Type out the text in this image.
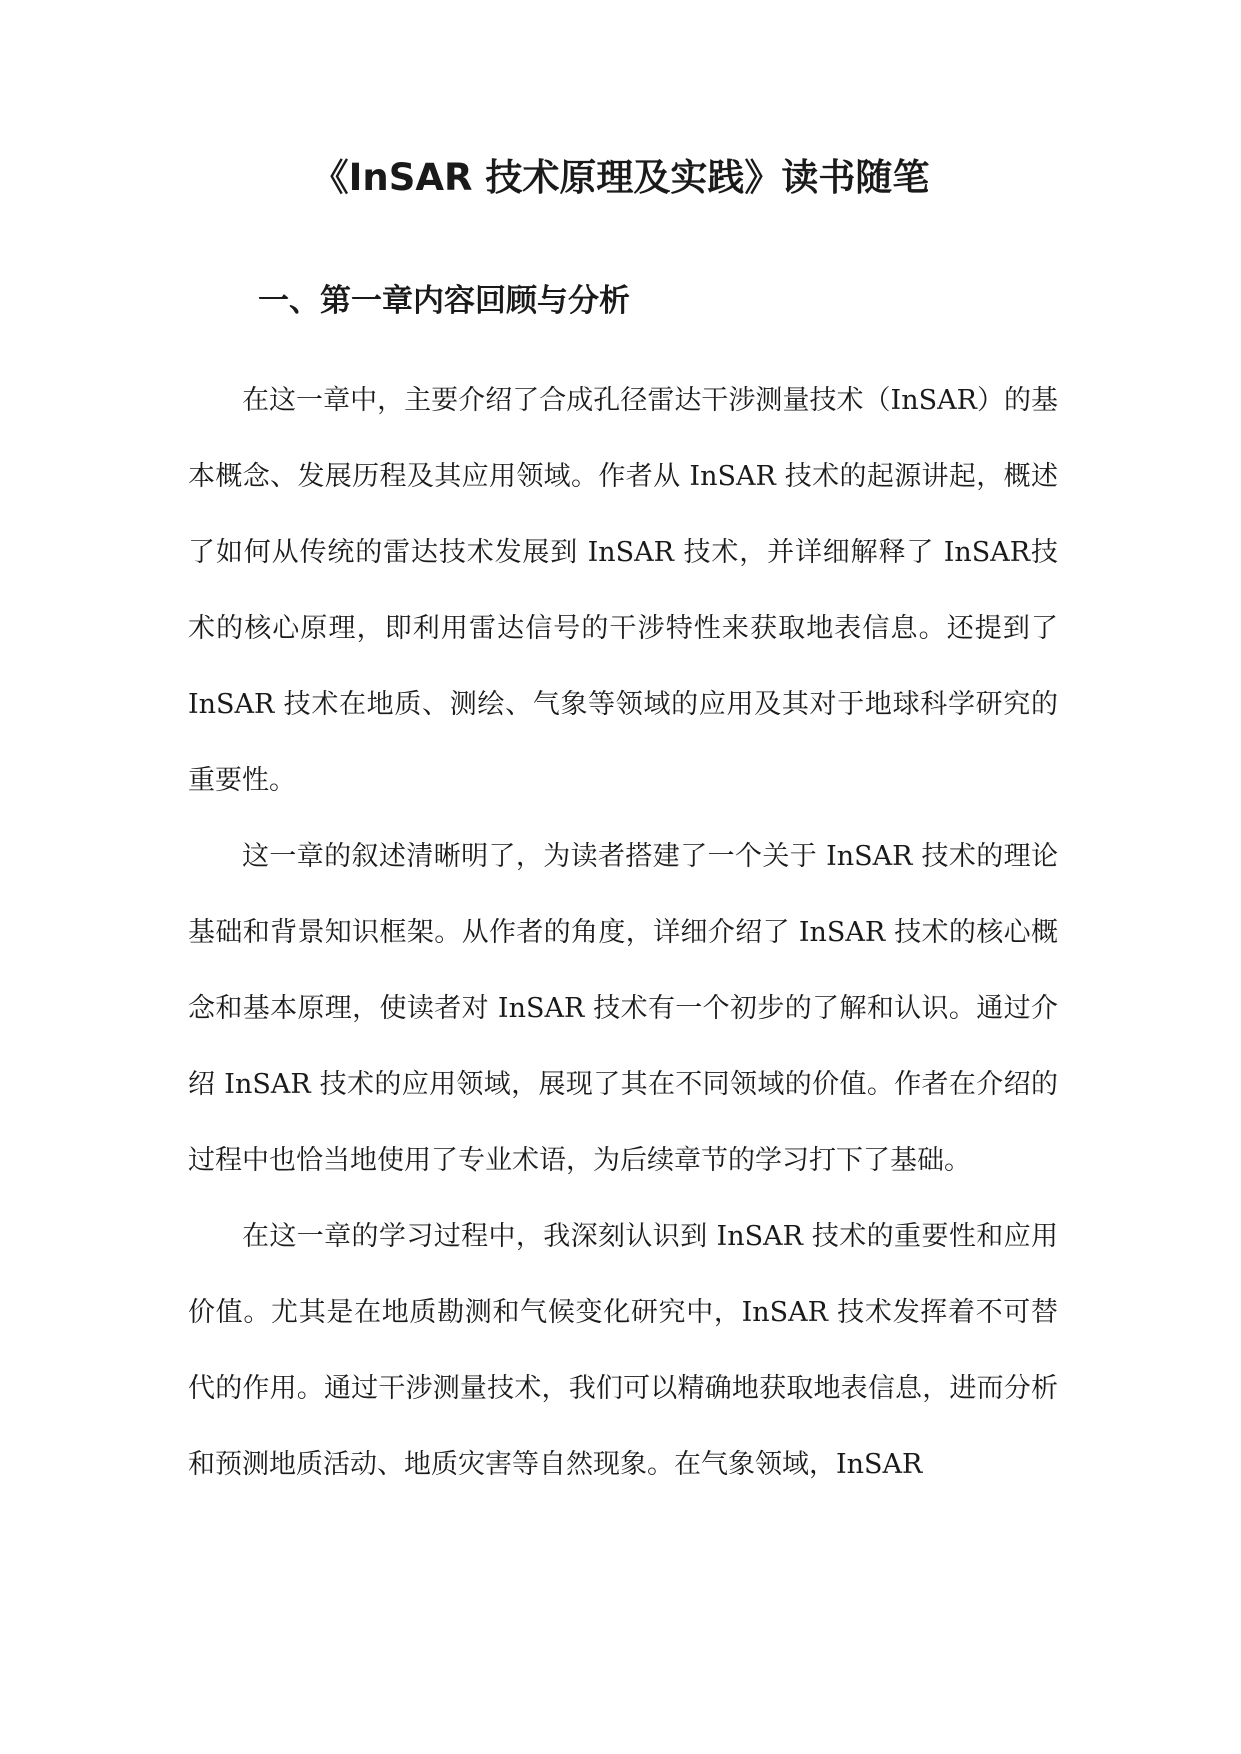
《InSAR 技术原理及实践》读书随笔
一、第一章内容回顾与分析

在这一章中，主要介绍了合成孔径雷达干涉测量技术（InSAR）的基本概念、发展历程及其应用领域。作者从 InSAR 技术的起源讲起，概述了如何从传统的雷达技术发展到 InSAR 技术，并详细解释了 InSAR技术的核心原理，即利用雷达信号的干涉特性来获取地表信息。还提到了 InSAR 技术在地质、测绘、气象等领域的应用及其对于地球科学研究的重要性。

这一章的叙述清晰明了，为读者搭建了一个关于 InSAR 技术的理论基础和背景知识框架。从作者的角度，详细介绍了 InSAR 技术的核心概念和基本原理，使读者对 InSAR 技术有一个初步的了解和认识。通过介绍 InSAR 技术的应用领域，展现了其在不同领域的价值。作者在介绍的过程中也恰当地使用了专业术语，为后续章节的学习打下了基础。

在这一章的学习过程中，我深刻认识到 InSAR 技术的重要性和应用价值。尤其是在地质勘测和气候变化研究中，InSAR 技术发挥着不可替代的作用。通过干涉测量技术，我们可以精确地获取地表信息，进而分析和预测地质活动、地质灾害等自然现象。在气象领域，InSAR
